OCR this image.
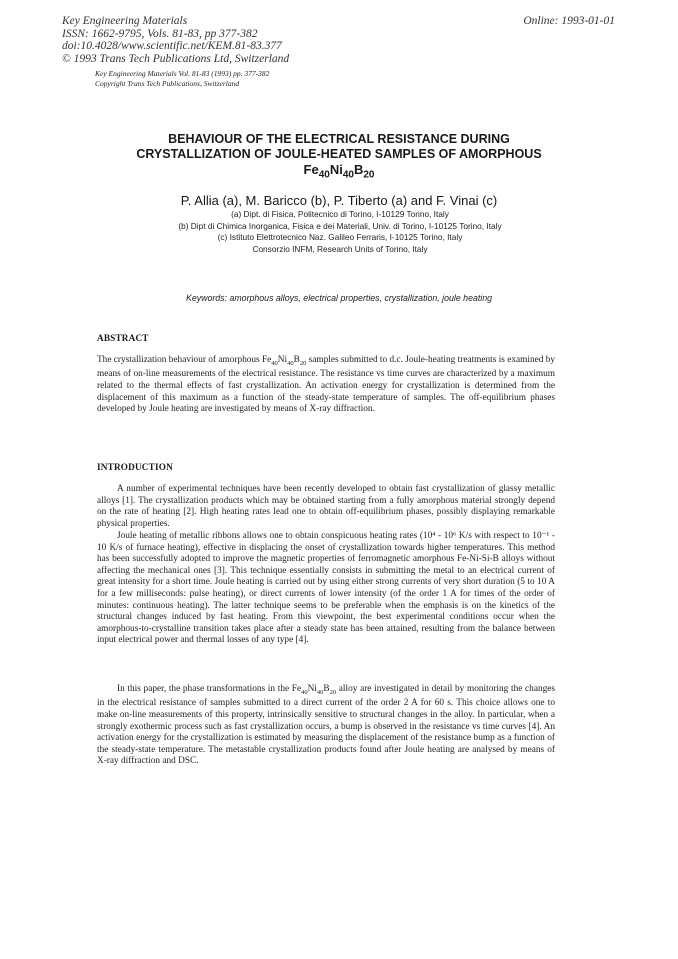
Key Engineering Materials
ISSN: 1662-9795, Vols. 81-83, pp 377-382
doi:10.4028/www.scientific.net/KEM.81-83.377
© 1993 Trans Tech Publications Ltd, Switzerland
Online: 1993-01-01
Key Engineering Materials Vol. 81-83 (1993) pp. 377-382
Copyright Trans Tech Publications, Switzerland
BEHAVIOUR OF THE ELECTRICAL RESISTANCE DURING
CRYSTALLIZATION OF JOULE-HEATED SAMPLES OF AMORPHOUS
$Fe_{40}Ni_{40}B_{20}$
P. Allia (a), M. Baricco (b), P. Tiberto (a) and F. Vinai (c)
(a) Dipt. di Fisica, Politecnico di Torino, I-10129 Torino, Italy
(b) Dipt di Chimica Inorganica, Fisica e dei Materiali, Univ. di Torino, I-10125 Torino, Italy
(c) Istituto Elettrotecnico Naz. Galileo Ferraris, I-10125 Torino, Italy
Consorzio INFM, Research Units of Torino, Italy
Keywords: amorphous alloys, electrical properties, crystallization, joule heating
ABSTRACT
The crystallization behaviour of amorphous $Fe_{40}Ni_{40}B_{20}$ samples submitted to d.c. Joule-heating treatments is examined by means of on-line measurements of the electrical resistance. The resistance vs time curves are characterized by a maximum related to the thermal effects of fast crystallization. An activation energy for crystallization is determined from the displacement of this maximum as a function of the steady-state temperature of samples. The off-equilibrium phases developed by Joule heating are investigated by means of X-ray diffraction.
INTRODUCTION
A number of experimental techniques have been recently developed to obtain fast crystallization of glassy metallic alloys [1]. The crystallization products which may be obtained starting from a fully amorphous material strongly depend on the rate of heating [2]. High heating rates lead one to obtain off-equilibrium phases, possibly displaying remarkable physical properties.
Joule heating of metallic ribbons allows one to obtain conspicuous heating rates (10⁴ - 10⁶ K/s with respect to 10⁻¹ - 10 K/s of furnace heating), effective in displacing the onset of crystallization towards higher temperatures. This method has been successfully adopted to improve the magnetic properties of ferromagnetic amorphous Fe-Ni-Si-B alloys without affecting the mechanical ones [3]. This technique essentially consists in submitting the metal to an electrical current of great intensity for a short time. Joule heating is carried out by using either strong currents of very short duration (5 to 10 A for a few milliseconds: pulse heating), or direct currents of lower intensity (of the order 1 A for times of the order of minutes: continuous heating). The latter technique seems to be preferable when the emphasis is on the kinetics of the structural changes induced by fast heating. From this viewpoint, the best experimental conditions occur when the amorphous-to-crystalline transition takes place after a steady state has been attained, resulting from the balance between input electrical power and thermal losses of any type [4].
In this paper, the phase transformations in the $Fe_{40}Ni_{40}B_{20}$ alloy are investigated in detail by monitoring the changes in the electrical resistance of samples submitted to a direct current of the order 2 A for 60 s. This choice allows one to make on-line measurements of this property, intrinsically sensitive to structural changes in the alloy. In particular, when a strongly exothermic process such as fast crystallization occurs, a bump is observed in the resistance vs time curves [4]. An activation energy for the crystallization is estimated by measuring the displacement of the resistance bump as a function of the steady-state temperature. The metastable crystallization products found after Joule heating are analysed by means of X-ray diffraction and DSC.
